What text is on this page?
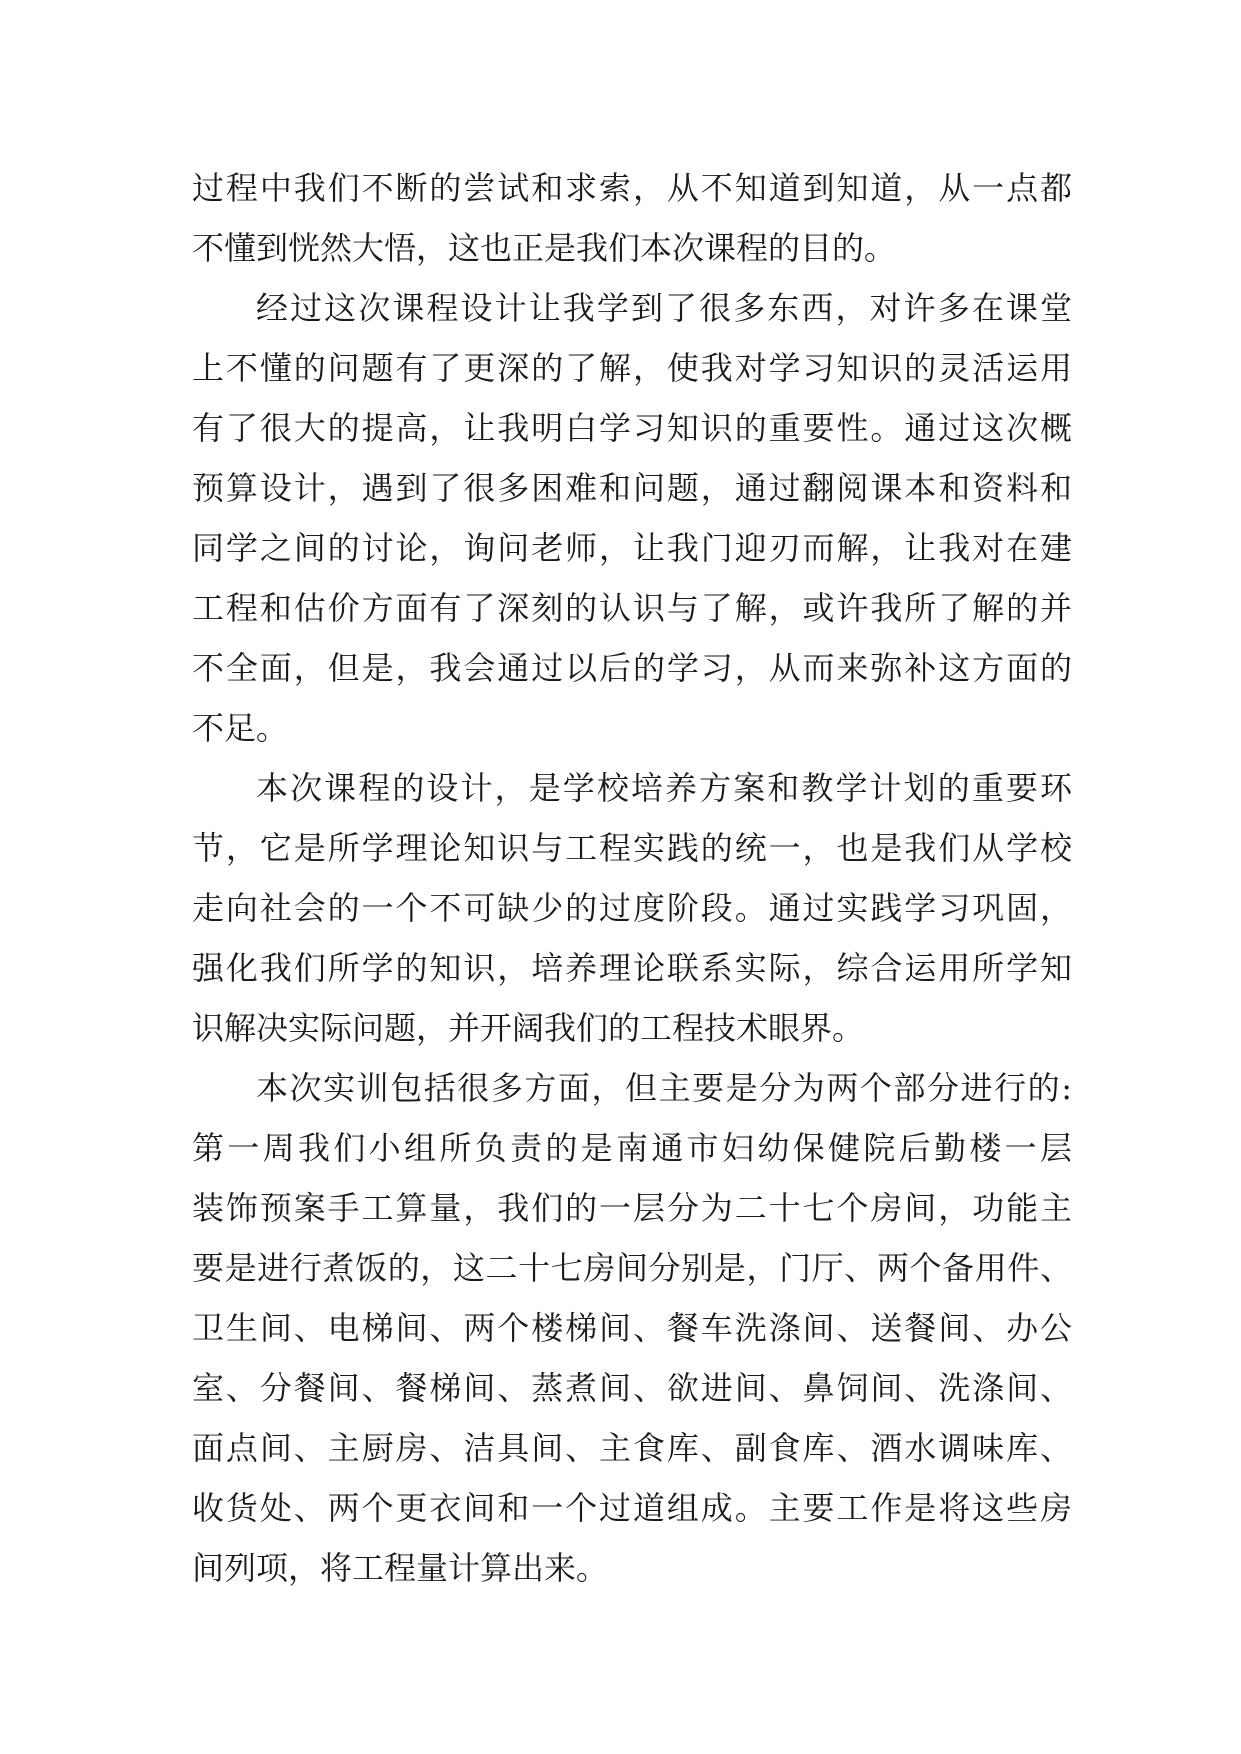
过程中我们不断的尝试和求索，从不知道到知道，从一点都
不懂到恍然大悟，这也正是我们本次课程的目的。
经过这次课程设计让我学到了很多东西，对许多在课堂
上不懂的问题有了更深的了解，使我对学习知识的灵活运用
有了很大的提高，让我明白学习知识的重要性。通过这次概
预算设计，遇到了很多困难和问题，通过翻阅课本和资料和
同学之间的讨论，询问老师，让我门迎刃而解，让我对在建
工程和估价方面有了深刻的认识与了解，或许我所了解的并
不全面，但是，我会通过以后的学习，从而来弥补这方面的
不足。
本次课程的设计，是学校培养方案和教学计划的重要环
节，它是所学理论知识与工程实践的统一，也是我们从学校
走向社会的一个不可缺少的过度阶段。通过实践学习巩固，
强化我们所学的知识，培养理论联系实际，综合运用所学知
识解决实际问题，并开阔我们的工程技术眼界。
本次实训包括很多方面，但主要是分为两个部分进行的:
第一周我们小组所负责的是南通市妇幼保健院后勤楼一层
装饰预案手工算量，我们的一层分为二十七个房间，功能主
要是进行煮饭的，这二十七房间分别是，门厅、两个备用件、
卫生间、电梯间、两个楼梯间、餐车洗涤间、送餐间、办公
室、分餐间、餐梯间、蒸煮间、欲进间、鼻饲间、洗涤间、
面点间、主厨房、洁具间、主食库、副食库、酒水调味库、
收货处、两个更衣间和一个过道组成。主要工作是将这些房
间列项，将工程量计算出来。
